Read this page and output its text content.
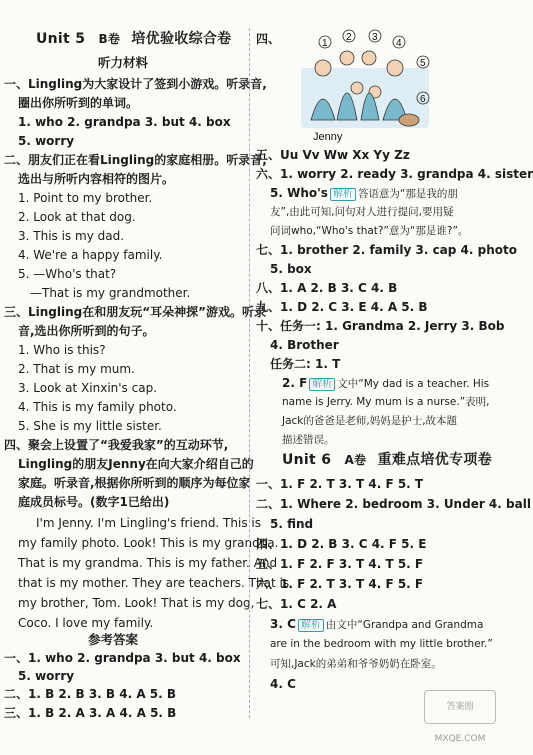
Unit 5 B卷 培优验收综合卷
听力材料
一、Lingling为大家设计了签到小游戏。听录音,
圈出你所听到的单词。
1. who 2. grandpa 3. but 4. box
5. worry
二、朋友们正在看Lingling的家庭相册。听录音,
选出与所听内容相符的图片。
1. Point to my brother.
2. Look at that dog.
3. This is my dad.
4. We're a happy family.
5. —Who's that?
—That is my grandmother.
三、Lingling在和朋友玩“耳朵神探”游戏。听录
音,选出你所听到的句子。
1. Who is this?
2. That is my mum.
3. Look at Xinxin's cap.
4. This is my family photo.
5. She is my little sister.
四、聚会上设置了“我爱我家”的互动环节,
Lingling的朋友Jenny在向大家介绍自己的
家庭。听录音,根据你所听到的顺序为每位家
庭成员标号。(数字1已给出)
I'm Jenny. I'm Lingling's friend. This is
my family photo. Look! This is my grandpa.
That is my grandma. This is my father. And
that is my mother. They are teachers. That is
my brother, Tom. Look! That is my dog,
Coco. I love my family.
参考答案
一、1. who 2. grandpa 3. but 4. box
5. worry
二、1. B 2. B 3. B 4. A 5. B
三、1. B 2. A 3. A 4. A 5. B
四、
五、Uu Vv Ww Xx Yy Zz
六、1. worry 2. ready 3. grandpa 4. sister
5. Who's 解析 答语意为“那是我的朋
友”,由此可知,问句对人进行提问,要用疑
问词who,“Who's that?”意为“那是谁?”。
七、1. brother 2. family 3. cap 4. photo
5. box
八、1. A 2. B 3. C 4. B
九、1. D 2. C 3. E 4. A 5. B
十、任务一: 1. Grandma 2. Jerry 3. Bob
4. Brother
任务二: 1. T
2. F 解析 文中“My dad is a teacher. His
name is Jerry. My mum is a nurse.”表明,
Jack的爸爸是老师,妈妈是护士,故本题
描述错误。
Unit 6 A卷 重难点培优专项卷
一、1. F 2. T 3. T 4. F 5. T
二、1. Where 2. bedroom 3. Under 4. ball
5. find
四、1. D 2. B 3. C 4. F 5. E
五、1. F 2. F 3. T 4. T 5. F
六、1. F 2. T 3. T 4. F 5. F
七、1. C 2. A
3. C 解析 由文中“Grandpa and Grandma
are in the bedroom with my little brother.”
可知,Jack的弟弟和爷爷奶奶在卧室。
4. C
1
2 3
4
5
6
Jenny
答案圈 MXQE.COM
